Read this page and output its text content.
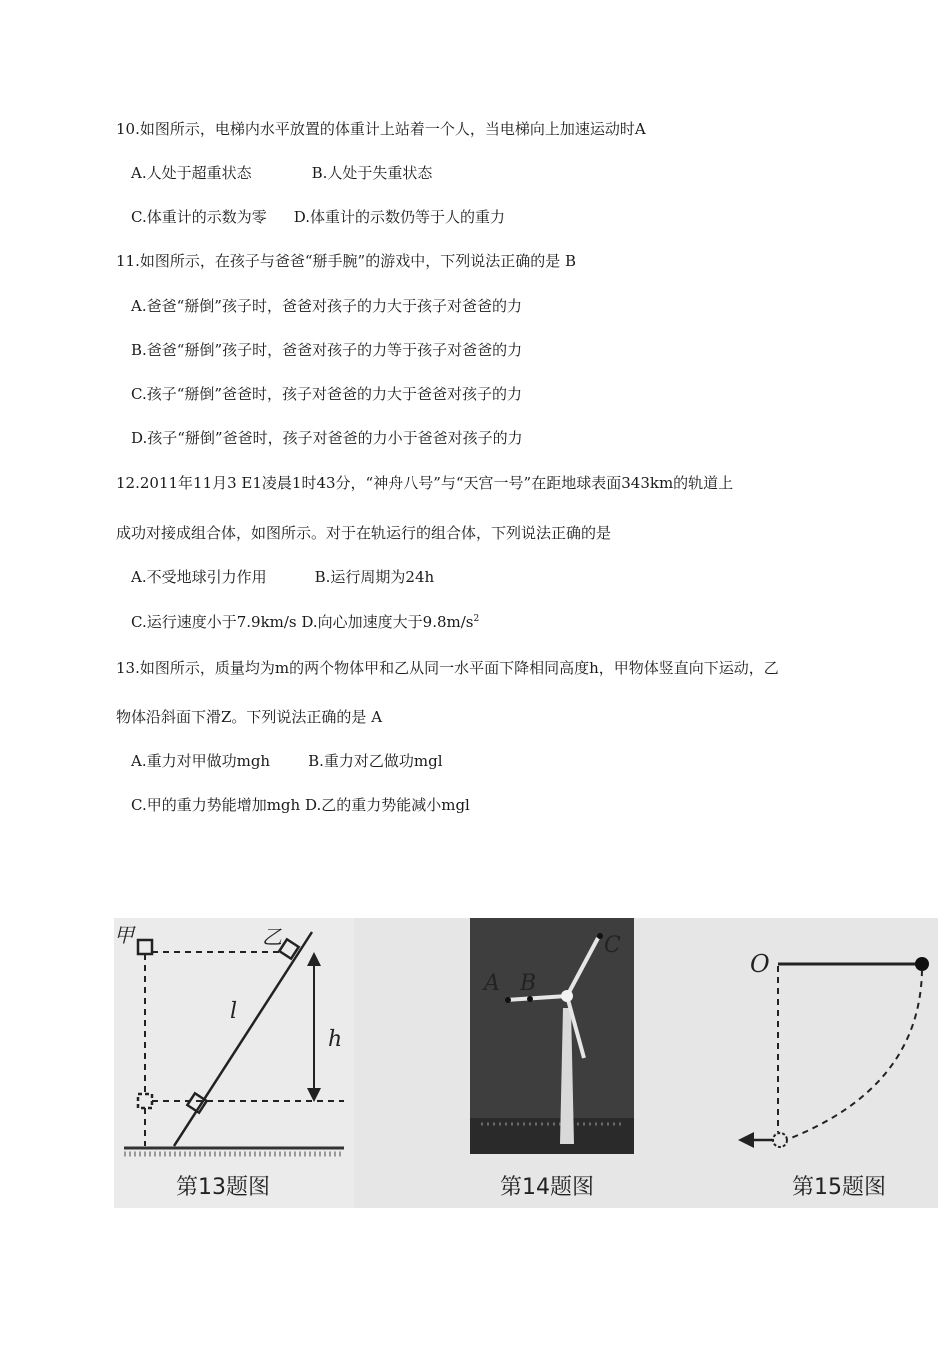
10.如图所示，电梯内水平放置的体重计上站着一个人，当电梯向上加速运动时A
A.人处于超重状态	B.人处于失重状态
C.体重计的示数为零 D.体重计的示数仍等于人的重力
11.如图所示，在孩子与爸爸“掰手腕”的游戏中，下列说法正确的是 B
A.爸爸“掰倒”孩子时，爸爸对孩子的力大于孩子对爸爸的力
B.爸爸“掰倒”孩子时，爸爸对孩子的力等于孩子对爸爸的力
C.孩子“掰倒”爸爸时，孩子对爸爸的力大于爸爸对孩子的力
D.孩子“掰倒”爸爸时，孩子对爸爸的力小于爸爸对孩子的力
12.2011年11月3 E1凌晨1时43分，“神舟八号”与“天宫一号”在距地球表面343km的轨道上
成功对接成组合体，如图所示。对于在轨运行的组合体，下列说法正确的是
A.不受地球引力作用	B.运行周期为24h
C.运行速度小于7.9km/s D.向心加速度大于$9.8m/s^2$
13.如图所示，质量均为m的两个物体甲和乙从同一水平面下降相同高度h，甲物体竖直向下运动，乙
物体沿斜面下滑Z。下列说法正确的是 A
A.重力对甲做功mgh	B.重力对乙做功mgl
C.甲的重力势能增加mgh D.乙的重力势能减小mgl
甲	乙
l
h
C
A B
O
第13题图	第14题图	第15题图
